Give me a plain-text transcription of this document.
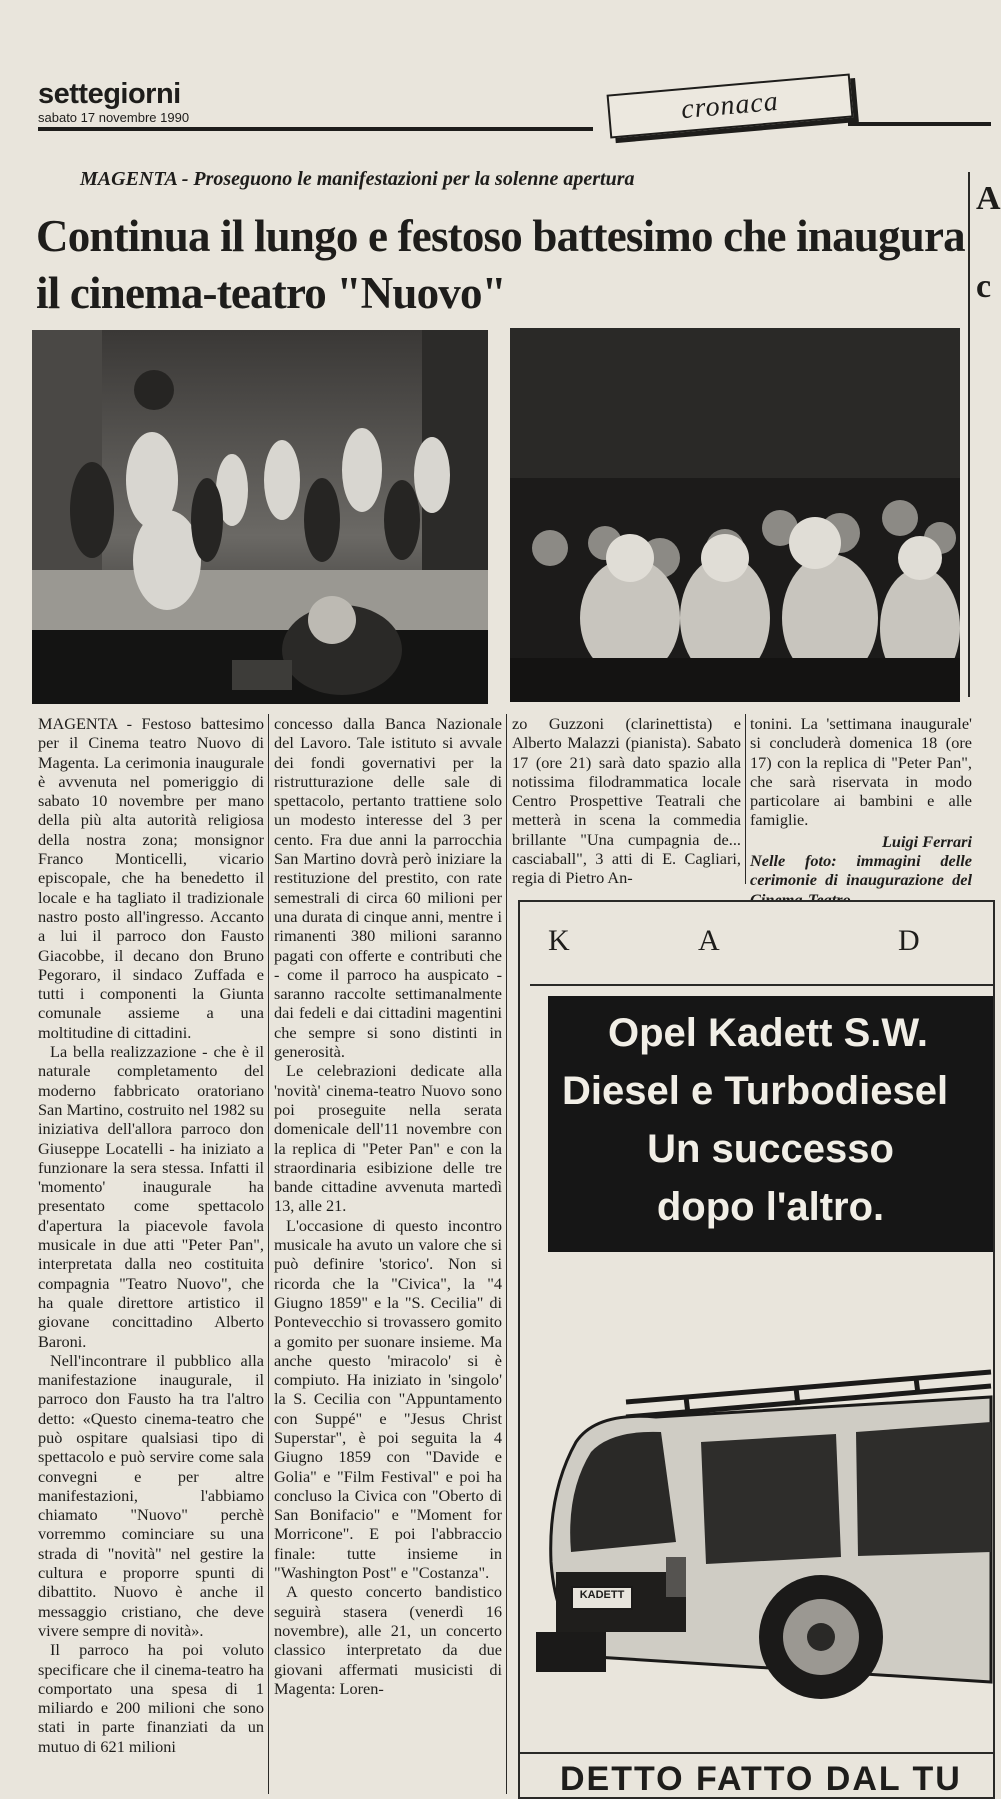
settegiorni
sabato 17 novembre 1990	cronaca
MAGENTA - Proseguono le manifestazioni per la solenne apertura
Continua il lungo e festoso battesimo che inaugura il cinema-teatro "Nuovo"
A
c

MAGENTA - Festoso battesimo per il Cinema teatro Nuovo di Magenta. La cerimonia inaugurale è avvenuta nel pomeriggio di sabato 10 novembre per mano della più alta autorità religiosa della nostra zona; monsignor Franco Monticelli, vicario episcopale, che ha benedetto il locale e ha tagliato il tradizionale nastro posto all'ingresso. Accanto a lui il parroco don Fausto Giacobbe, il decano don Bruno Pegoraro, il sindaco Zuffada e tutti i componenti la Giunta comunale assieme a una moltitudine di cittadini.

La bella realizzazione - che è il naturale completamento del moderno fabbricato oratoriano San Martino, costruito nel 1982 su iniziativa dell'allora parroco don Giuseppe Locatelli - ha iniziato a funzionare la sera stessa. Infatti il 'momento' inaugurale ha presentato come spettacolo d'apertura la piacevole favola musicale in due atti "Peter Pan", interpretata dalla neo costituita compagnia "Teatro Nuovo", che ha quale direttore artistico il giovane concittadino Alberto Baroni.

Nell'incontrare il pubblico alla manifestazione inaugurale, il parroco don Fausto ha tra l'altro detto: «Questo cinema-teatro che può ospitare qualsiasi tipo di spettacolo e può servire come sala convegni e per altre manifestazioni, l'abbiamo chiamato "Nuovo" perchè vorremmo cominciare su una strada di "novità" nel gestire la cultura e proporre spunti di dibattito. Nuovo è anche il messaggio cristiano, che deve vivere sempre di novità».

Il parroco ha poi voluto specificare che il cinema-teatro ha comportato una spesa di 1 miliardo e 200 milioni che sono stati in parte finanziati da un mutuo di 621 milioni

concesso dalla Banca Nazionale del Lavoro. Tale istituto si avvale dei fondi governativi per la ristrutturazione delle sale di spettacolo, pertanto trattiene solo un modesto interesse del 3 per cento. Fra due anni la parrocchia San Martino dovrà però iniziare la restituzione del prestito, con rate semestrali di circa 60 milioni per una durata di cinque anni, mentre i rimanenti 380 milioni saranno pagati con offerte e contributi che - come il parroco ha auspicato - saranno raccolte settimanalmente dai fedeli e dai cittadini magentini che sempre si sono distinti in generosità.

Le celebrazioni dedicate alla 'novità' cinema-teatro Nuovo sono poi proseguite nella serata domenicale dell'11 novembre con la replica di "Peter Pan" e con la straordinaria esibizione delle tre bande cittadine avvenuta martedì 13, alle 21.

L'occasione di questo incontro musicale ha avuto un valore che si può definire 'storico'. Non si ricorda che la "Civica", la "4 Giugno 1859" e la "S. Cecilia" di Pontevecchio si trovassero gomito a gomito per suonare insieme. Ma anche questo 'miracolo' si è compiuto. Ha iniziato in 'singolo' la S. Cecilia con "Appuntamento con Suppé" e "Jesus Christ Superstar", è poi seguita la 4 Giugno 1859 con "Davide e Golia" e "Film Festival" e poi ha concluso la Civica con "Oberto di San Bonifacio" e "Moment for Morricone". E poi l'abbraccio finale: tutte insieme in "Washington Post" e "Costanza".

A questo concerto bandistico seguirà stasera (venerdì 16 novembre), alle 21, un concerto classico interpretato da due giovani affermati musicisti di Magenta: Loren-

zo Guzzoni (clarinettista) e Alberto Malazzi (pianista). Sabato 17 (ore 21) sarà dato spazio alla notissima filodrammatica locale Centro Prospettive Teatrali che metterà in scena la commedia brillante "Una cumpagnia de... casciaball", 3 atti di E. Cagliari, regia di Pietro An-

tonini. La 'settimana inaugurale' si concluderà domenica 18 (ore 17) con la replica di "Peter Pan", che sarà riservata in modo particolare ai bambini e alle famiglie.

Luigi Ferrari
Nelle foto: immagini delle cerimonie di inaugurazione del
K	A	D
Opel Kadett S.W.
Diesel e Turbodiesel
Un successo
dopo l'altro.
KADETT
DETTO FATTO DAL TU
